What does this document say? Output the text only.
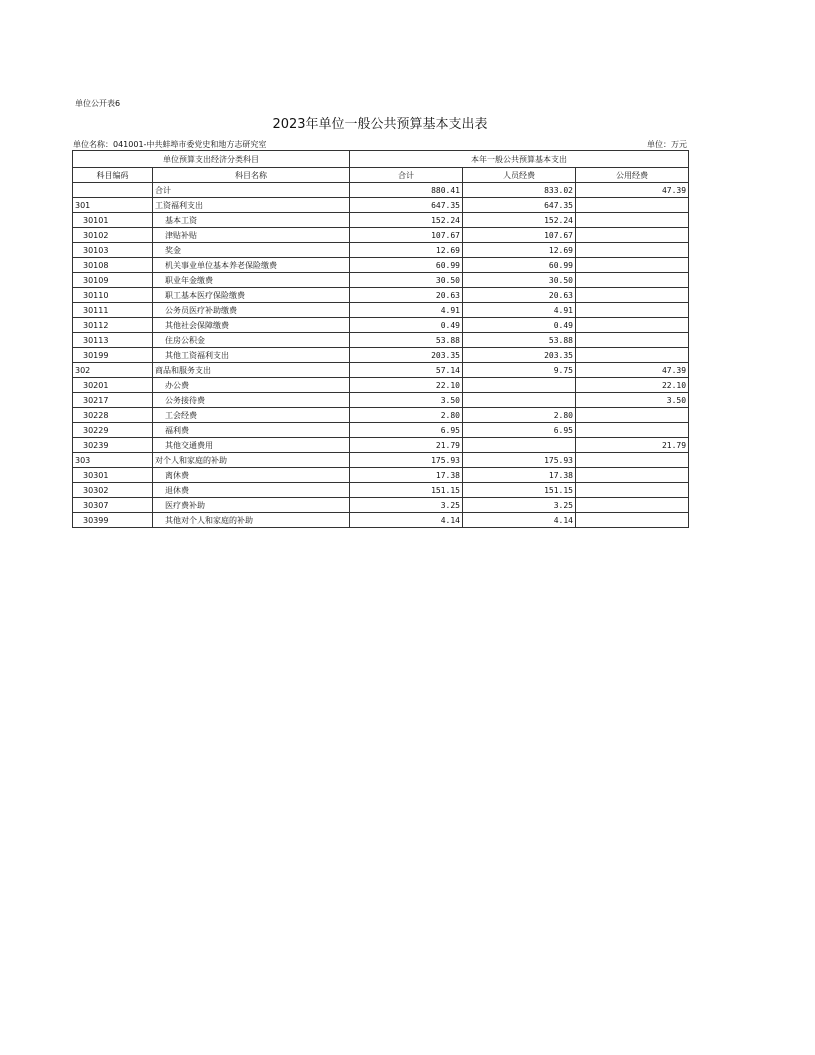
单位公开表6
2023年单位一般公共预算基本支出表
单位名称：041001-中共蚌埠市委党史和地方志研究室	单位：万元
单位预算支出经济分类科目		本年一般公共预算基本支出		
科目编码	科目名称	合计	人员经费	公用经费
	合计	880.41	833.02	47.39
301	工资福利支出	647.35	647.35	
30101	基本工资	152.24	152.24	
30102	津贴补贴	107.67	107.67	
30103	奖金	12.69	12.69	
30108	机关事业单位基本养老保险缴费	60.99	60.99	
30109	职业年金缴费	30.50	30.50	
30110	职工基本医疗保险缴费	20.63	20.63	
30111	公务员医疗补助缴费	4.91	4.91	
30112	其他社会保障缴费	0.49	0.49	
30113	住房公积金	53.88	53.88	
30199	其他工资福利支出	203.35	203.35	
302	商品和服务支出	57.14	9.75	47.39
30201	办公费	22.10		22.10
30217	公务接待费	3.50		3.50
30228	工会经费	2.80	2.80	
30229	福利费	6.95	6.95	
30239	其他交通费用	21.79		21.79
303	对个人和家庭的补助	175.93	175.93	
30301	离休费	17.38	17.38	
30302	退休费	151.15	151.15	
30307	医疗费补助	3.25	3.25	
30399	其他对个人和家庭的补助	4.14	4.14	
